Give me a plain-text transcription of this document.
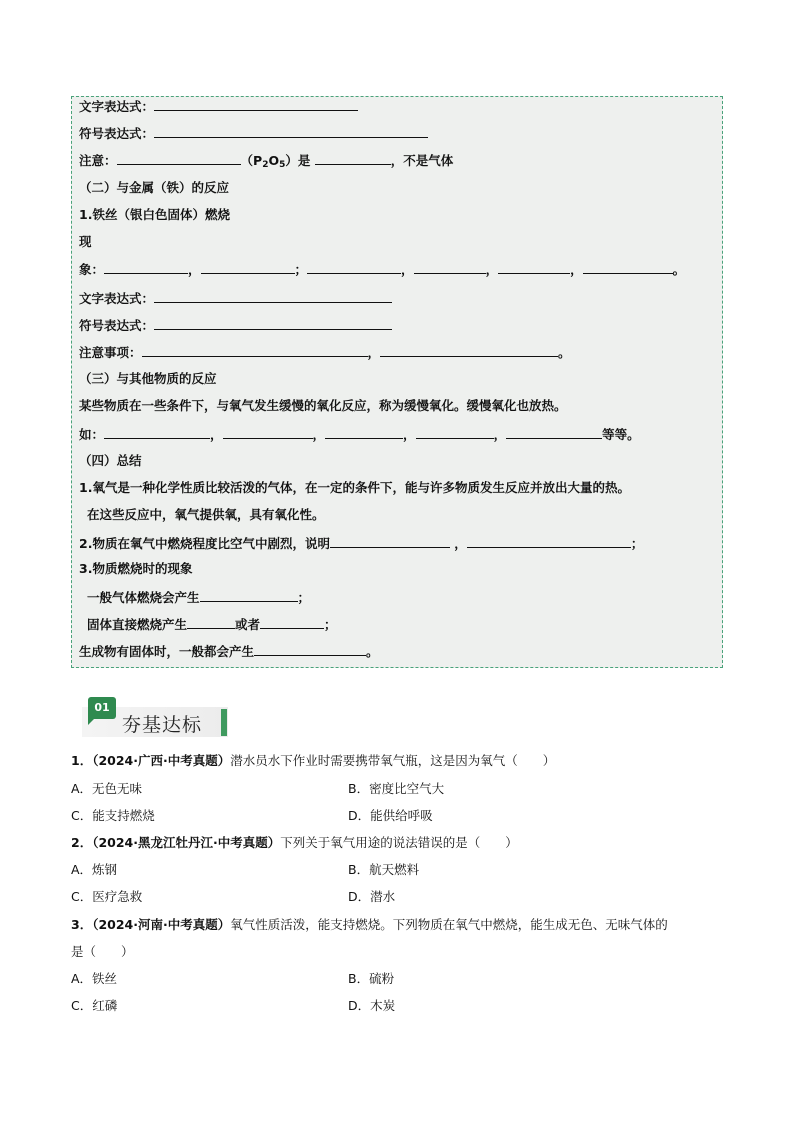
文字表达式：
符号表达式：
注意：	$(P_2O_5)$是	，不是气体
（二）与金属（铁）的反应
1.铁丝（银白色固体）燃烧
现
象：	，	；	，	，	，	。
文字表达式：
符号表达式：
注意事项：	，	。
（三）与其他物质的反应
某些物质在一些条件下，与氧气发生缓慢的氧化反应，称为缓慢氧化。缓慢氧化也放热。
如：	，	，	，	，	等等。
（四）总结
1.氧气是一种化学性质比较活泼的气体，在一定的条件下，能与许多物质发生反应并放出大量的热。
在这些反应中，氧气提供氧，具有氧化性。
2.物质在氧气中燃烧程度比空气中剧烈，说明	，	；
3.物质燃烧时的现象
一般气体燃烧会产生	；
固体直接燃烧产生	或者	；
生成物有固体时，一般都会产生	。
01
夯基达标
1．（2024·广西·中考真题）潜水员水下作业时需要携带氧气瓶，这是因为氧气（　　）
A．无色无味	B．密度比空气大
C．能支持燃烧	D．能供给呼吸
2．（2024·黑龙江牡丹江·中考真题）下列关于氧气用途的说法错误的是（　　）
A．炼钢	B．航天燃料
C．医疗急救	D．潜水
3．（2024·河南·中考真题）氧气性质活泼，能支持燃烧。下列物质在氧气中燃烧，能生成无色、无味气体的
是（　　）
A．铁丝	B．硫粉
C．红磷	D．木炭
